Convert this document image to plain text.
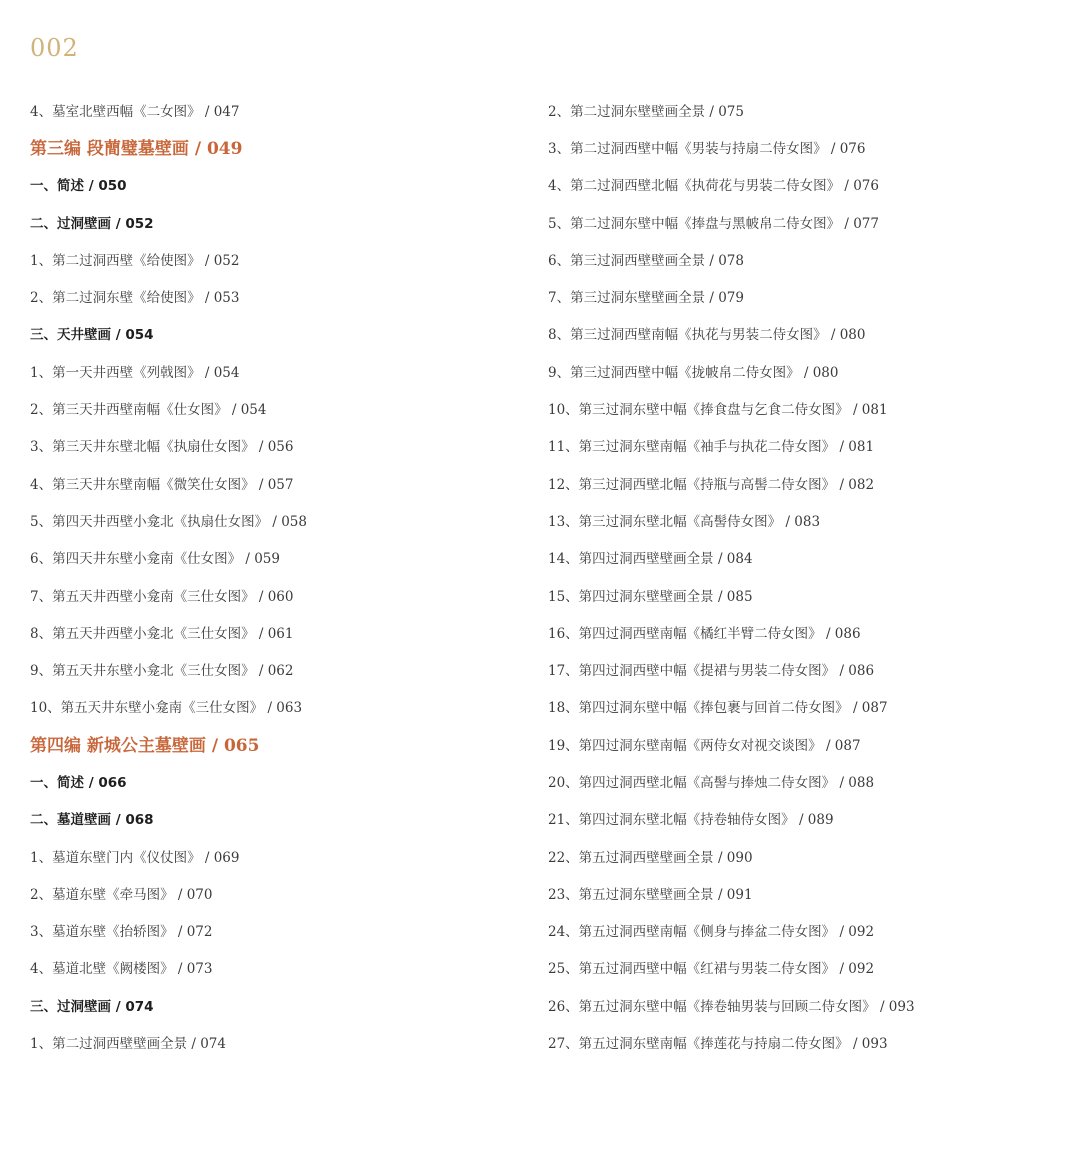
002
4、墓室北壁西幅《二女图》 / 047
第三编 段蕳璧墓壁画 / 049
一、简述 / 050
二、过洞壁画 / 052
1、第二过洞西壁《给使图》 / 052
2、第二过洞东壁《给使图》 / 053
三、天井壁画 / 054
1、第一天井西壁《列戟图》 / 054
2、第三天井西壁南幅《仕女图》 / 054
3、第三天井东壁北幅《执扇仕女图》 / 056
4、第三天井东壁南幅《微笑仕女图》 / 057
5、第四天井西壁小龛北《执扇仕女图》 / 058
6、第四天井东壁小龛南《仕女图》 / 059
7、第五天井西壁小龛南《三仕女图》 / 060
8、第五天井西壁小龛北《三仕女图》 / 061
9、第五天井东壁小龛北《三仕女图》 / 062
10、第五天井东壁小龛南《三仕女图》 / 063
第四编 新城公主墓壁画 / 065
一、简述 / 066
二、墓道壁画 / 068
1、墓道东壁门内《仪仗图》 / 069
2、墓道东壁《牵马图》 / 070
3、墓道东壁《抬轿图》 / 072
4、墓道北壁《阙楼图》 / 073
三、过洞壁画 / 074
1、第二过洞西壁壁画全景 / 074
2、第二过洞东壁壁画全景 / 075
3、第二过洞西壁中幅《男装与持扇二侍女图》 / 076
4、第二过洞西壁北幅《执荷花与男装二侍女图》 / 076
5、第二过洞东壁中幅《捧盘与黑帔帛二侍女图》 / 077
6、第三过洞西壁壁画全景 / 078
7、第三过洞东壁壁画全景 / 079
8、第三过洞西壁南幅《执花与男装二侍女图》 / 080
9、第三过洞西壁中幅《拢帔帛二侍女图》 / 080
10、第三过洞东壁中幅《捧食盘与乞食二侍女图》 / 081
11、第三过洞东壁南幅《袖手与执花二侍女图》 / 081
12、第三过洞西壁北幅《持瓶与高髻二侍女图》 / 082
13、第三过洞东壁北幅《高髻侍女图》 / 083
14、第四过洞西壁壁画全景 / 084
15、第四过洞东壁壁画全景 / 085
16、第四过洞西壁南幅《橘红半臂二侍女图》 / 086
17、第四过洞西壁中幅《提裙与男装二侍女图》 / 086
18、第四过洞东壁中幅《捧包裹与回首二侍女图》 / 087
19、第四过洞东壁南幅《两侍女对视交谈图》 / 087
20、第四过洞西壁北幅《高髻与捧烛二侍女图》 / 088
21、第四过洞东壁北幅《持卷轴侍女图》 / 089
22、第五过洞西壁壁画全景 / 090
23、第五过洞东壁壁画全景 / 091
24、第五过洞西壁南幅《侧身与捧盆二侍女图》 / 092
25、第五过洞西壁中幅《红裙与男装二侍女图》 / 092
26、第五过洞东壁中幅《捧卷轴男装与回顾二侍女图》 / 093
27、第五过洞东壁南幅《捧莲花与持扇二侍女图》 / 093
